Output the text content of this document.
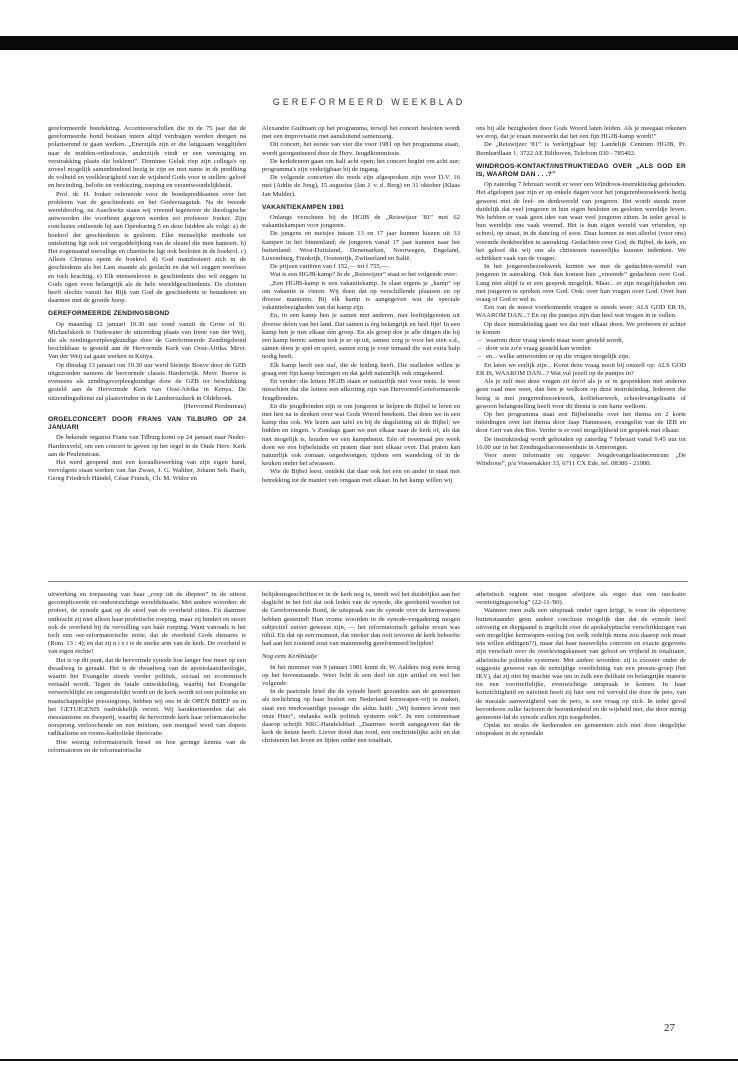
GEREFORMEERD WEEKBLAD

gereformeerde bondskring. Accentsverschillen die in de 75 jaar dat de gereformeerde bond bestaan intern altijd verdragen werden dreigen na polariserend te gaan werken. „Enerzijds zijn er die langzaam wegglijden naar de midden-orthodoxie, anderzijds vindt er een vereniging en verstrakking plaats die beklemt”. Dominee Geluk riep zijn collega's op zoveel mogelijk samenbindend bezig te zijn en met name in de prediking de volheid en veelkleurigheid van de wijsheid Gods voor te stellen: geloof en bevinding, belofte en verkiezing, roeping en verantwoordelijkheid.

Prof. dr. H. Jonker refereerde voor de bondspredikanten over het probleem van de geschiedenis en het Godsvraagstuk. Na de tweede wereldoorlog, na Auschwitz staan wij vreemd tegenover de theologische antwoorden die voorheen gegeven werden zei professor Jonker. Zijn conclusies ontleende hij aan Openbaring 5 en deze luidden als volgt: a) de boekrol der geschiedenis is gesloten. Elke menselijke methode tot ontsluiting ligt ook tot vergoddelijking van de sleutel die men hanteert. b) Het zogenaamd toevallige en chaotische ligt ook besloten in de boekrol. c) Alleen Christus opent de boekrol. d) God manifesteert zich in de geschiedenis als het Lam staande als geslacht en dat wil zeggen weerloos en toch krachtig. e) Elk mensenleven is geschiedenis dus wil zeggen in Gods ogen even belangrijk als de hele wereldgeschiedenis. De christen heeft slechts vanuit het Rijk van God de geschiedenis te benaderen en daarmee met de gronde hoop.

GEREFORMEERDE ZENDINGSBOND

Op maandag 12 januari 19.30 uur vond vanuit de Grote of St. Michaelskerk te Oudewater de uitzending plaats van Irene van der Weij, die als zendingsverpleegkundige door de Gereformeerde Zendingsbond beschikbaar is gesteld aan de Hervormde Kerk van Oost-Afrika. Mevr. Van der Weij zal gaan werken in Kenya.

Op dinsdag 13 januari om 19.30 uur werd Steintje Boeve door de GZB uitgezonden namens de hervormde classis Harderwijk. Mevr. Boeve is eveneens als zendingsverpleegkundige door de GZB ter beschikking gesteld aan de Hervormde Kerk van Oost-Afrika in Kenya. De uitzendingsdienst zal plaatsvinden in de Lambertuskerk in Oldebroek.

(Hervormd Persbureau)

ORGELCONCERT DOOR FRANS VAN TILBURG OP 24 JANUARI

De bekende organist Frans van Tilburg komt op 24 januari naar Neder-Hardinxveld, om een concert te geven op het orgel in de Oude Herv. Kerk aan de Peulenstraat.

Het werd geopend met een koraalbewerking van zijn eigen hand, vervolgens staan werken van Jan Zwart, J. G. Walther, Johann Seb. Bach, Georg Friedrich Händel, César Franck, Ch. M. Widor en

Alexandre Guilmant op het programma, terwijl het concert besloten wordt met een improvisatie met aansluitend samenzang.

Dit concert, het eerste van vier die voor 1981 op het programma staan, wordt georganiseerd door de Herv. Jeugdkommissie.

De kerkdeuren gaan om half acht open; het concert begint om acht uur; programma's zijn verkrijgbaar bij de ingang.

De volgende concerten die reeds zijn afgesproken zijn voor D.V. 16 mei (Addie de Jong), 15 augustus (Jan J. v. d. Berg) en 31 oktober (Klaas Jan Mulder).

VAKANTIEKAMPEN 1981

Onlangs verscheen bij de HGJB de „Reiswijzer '81” met 62 vakantiekampen voor jongeren.

De jongens en meisjes tussen 13 en 17 jaar kunnen kiezen uit 33 kampen in het binnenland; de jongeren vanaf 17 jaar kunnen naar het buitenland: West-Duitsland, Denemarken, Noorwegen, Engeland, Luxemburg, Frankrijk, Oostenrijk, Zwitserland en Italië.

De prijzen variëren van f 152,— tot f 755,—.

Wat is een HGJB-kamp? In de „Reiswijzer” staat er het volgende over:

„Een HGJB-kamp is een vakantiekamp. Je slaat ergens je „kamp” op om vakantie te vieren. Wij doen dat op verschillende plaatsen en op diverse manieren. Bij elk kamp is aangegeven wat de speciale vakantiebezigheden van dat kamp zijn.

En, in een kamp ben je samen met anderen, met leeftijdgenoten uit diverse delen van het land. Dat samen is érg belangrijk en héél fijn! In een kamp ben je met elkaar één groep. En als groep doe je alle dingen die bij een kamp horen: samen trek je er op uit, samen zorg je voor het eten e.d., samen doen je spel en sport, samen zorg je voor iemand die wat extra hulp nodig heeft.

Elk kamp heeft een staf, die de leiding heeft. Die stafleden willen je graag een fijn kamp bezorgen en dat geldt natuurlijk ook omgekeerd.

En verder: die letters HGJB staan er natuurlijk niet voor niets. Je weet misschien dat die letters een afkorting zijn van Hervormd-Gereformeerde Jeugdbonden.

En die jeugdbonden zijn er om jongeren te helpen de Bijbel te leren en met hen na te denken over wat Gods Woord betekent. Dat doen we in een kamp dus ook. We lezen aan tafel en bij de dagsluiting uit de Bijbel; we bidden en zingen. 's Zondags gaan we met elkaar naar de kerk of, als dat niet mogelijk is, houden we een kampdienst. Eén of tweemaal per week doen we een bijbelstudie en praten daar met elkaar over. Dat praten kan natuurlijk ook zomaar, ongedwongen, tijdens een wandeling of in de keuken onder het afwassen.

Wie de Bijbel leest, ontdekt dat daar ook het een en ander in staat met betrekking tot de manier van omgaan met elkaar. In het kamp willen wij

ons bij alle bezigheden door Gods Woord laten leiden. Als je meegaat rekenen we erop, dat je eraan meewerkt dat het een fijn HGJB-kamp wordt!”

De „Reiswijzer '81” is verkrijgbaar bij: Landelijk Centrum HGJB, Pr. Bernhardlaan 1, 3722 AE Bilthoven, Telefoon 030 - 785402.

WINDROOS-KONTAKT/INSTRUKTIEDAG OVER „ALS GOD ER IS, WAAROM DAN . . .?”

Op zaterdag 7 februari wordt er weer een Windroos-instruktiedag gehouden. Het afgelopen jaar zijn er op enkele dagen voor het jongerenbezoekwerk bezig geweest met de leef- en denkwereld van jongeren. Het wordt steeds meer duidelijk dat veel jongeren in hun eigen besloten en gesloten wereldje leven. We hebben er vaak geen idee van waar veel jongeren zitten. In ieder geval is hun wereldje ons vaak vreemd. Het is hun eigen wereld van vrienden, op school, op straat, in de dancing of soos. Daar komen ze met allerlei (voor ons) vreemde denkbeelden in aanraking. Gedachten over God, de Bijbel, de kerk, en het geloof die wij ons als christenen nauwelijks kunnen indenken. We schrikken vaak van de vragen.

In het jongerenbezoekwerk komen we met de gedachten-wereld van jongeren in aanraking. Ook dan komen hun „vreemde” gedachten over God. Lang niet altijd is er een gesprek mogelijk. Maar... er zijn mogelijkheden om met jongeren te spreken over God. Ook: over hun vragen over God. Over hun vraag of God er wel is.

Een van de meest voorkomende vragen is steeds weer: ALS GOD ER IS, WAAROM DAN...? En op die puntjes zijn dan heel wat vragen in te vullen.

Op deze instruktiedag gaan we dat met elkaar doen. We proberen er achter te komen

– waarom deze vraag steeds maar weer gesteld wordt,
– door wie zo'n vraag gesteld kan worden
– en... welke antwoorden er op die vragen mogelijk zijn.

En laten we eerlijk zijn... Komt deze vraag nooit bij onszelf op: ALS GOD ER IS, WAAROM DAN...? Wat vul jezelf op de puntjes in?

Als je zelf met deze vragen zit én/of als je er in gesprekken met anderen geen raad mee weet, dan ben je welkom op deze instruktiedag. Iedereen die bezig is met jongerenbezoekwerk, koffiebarwerk, schoolevangelisatie of gewoon belangstelling heeft voor dit thema is van harte welkom.

Op het programma staat een Bijbelstudie over het thema en 2 korte inleidingen over het thema door Jaap Hanuessen, evangelist van de IZB en door Gert van den Bos. Verder is er veel mogelijkheid tot gesprek met elkaar.

De instruktiedag wordt gehouden op zaterdag 7 februari vanaf 9.45 uur tot 16.00 uur in het Zendingsdiaconessenhuis in Amerongen.

Voor meer informatie en opgave: Jeugdevangelisatiecentrum „De Windroos”, p/a Vossenakker 33, 6711 CX Ede, tel. 08380 - 21980.

uitwerking en toepassing van haar „roep uit de diepten” in de uiterst gecompliceerde en ondoorzichtige wereldsituatie. Met andere woorden: de profeet, de synode gaat op de stoel van de overheid zitten. En daarmee ontkracht zij niet alleen haar profetische roeping, maar zij hindert en stoort ook de overheid bij de vervulling van háár roeping. Want vanouds is het toch een oer-reformatorische notie, dat de overheid Gods dienares is (Rom. 13 : 4), en dat zij n i e t is de sterke arm van de kerk. De overheid is van eigen rechte!

Het is op dit punt, dat de hervormde synode hoe langer hoe meer op een dwaalweg is geraakt. Het is de dwaalweg van de apostolaatstheologie, waarin het Evangelie steeds verder politiek, sociaal en economisch vertaald wordt. Tegen de fatale ontwikkeling, waarbij het Evangelie verwereldlijkt en ontgeestelijkt wordt en de kerk wordt tot een politieke en maatschappelijke pressiegroep, hebben wij ons in de OPEN BRIEF en in het GETUIGENIS nadrukkelijk verzet. Wij karakteriseerden dat als messianisme en dweperij, waarbij de hervormde kerk haar reformatorische oorsprong verloochende en een mixtum, een mengsel werd van dopers radikalisme en rooms-katholieke theocratie.

Hoe weinig reformatorisch besef en hoe geringe kennis van de reformatoren en de reformatorische

belijdenisgeschriften er in de kerk nog is, treedt wel het duidelijkst aan het daglicht in het feit dat ook leden van de synode, die gerekend worden tot de Gereformeerde Bond, de uitspraak van de synode over de kernwapens hebben gesteund! Hun vrome woorden in de synode-vergadering mogen subjectief zuiver geweest zijn, — het reformatorisch gehalte ervan was nihil. En dat op een moment, dat sterker dan ooit tevoren de kerk behoefte had aan het zoutend zout van manmoedig gereformeerd belijden!

Nog eens Kerkbladje

In het nummer van 9 januari 1981 komt dr. W. Aalders nog eens terug op het bovenstaande. Weer licht ik een deel uit zijn artikel en wel het volgende:

In de pastorale brief die de synode heeft gezonden aan de gemeenten als toelichting op haar besluit om Nederland kernwapen-vrij te maken, staat een merkwaardige passage die aldus luidt: „Wij kunnen leven met onze Heer”, ondanks welk politiek systeem ook”. In een commentaar daarop schrijft NRC-Handelsblad: „Daarmee wordt aangegeven dat de kerk de keuze heeft: Liever dood dan rood, een onchristelijke acht en dat christenen het leven en lijden onder een totalitair,

atheïstisch regiem niet mogen afwijzen als erger dan een nucleaire vernietigingsoorlog” (22-11-'80).

Wanneer men zulk een uitspraak onder ogen krijgt, is voor de objectieve buitenstaander geen andere conclusie mogelijk dan dat de synode heel uitvoerig en diepgaand is ingelicht over de apokalyptische verschrikkingen van een mogelijke kernwapen-oorlog (en welk redelijk mens zou daarop ook maar iets willen afdingen!?), maar dat haar nauwelijks concrete en exacte gegevens zijn verschaft over de overlevingskansen van geloof en vrijheid in totalitaire, atheïstische politieke systemen. Met andere woorden: zij is zóozeer onder de suggestie geweest van de eenzijdige voorlichting van een pressie-groep (het IKV), dat zij niet bij machte was om in zulk een delikate en belangrijke materie tot een voortreffelijke, evenwichtige uitspraak te komen. In haar kortzichtigheid en naïviteit heeft zij hier een rol vervuld die door de pers, van de massale aanwezigheid van de pers, is een vraag op zich. In ieder geval bevorderen zulke factoren de bezonkenheid en de wijsheid niet, die door menig gemeente-lid de synode zullen zijn toegebeden.

Opdat nu straks de kerkeraden en gemeenten zich niet door dergelijke uitspraken in de synodale

27
